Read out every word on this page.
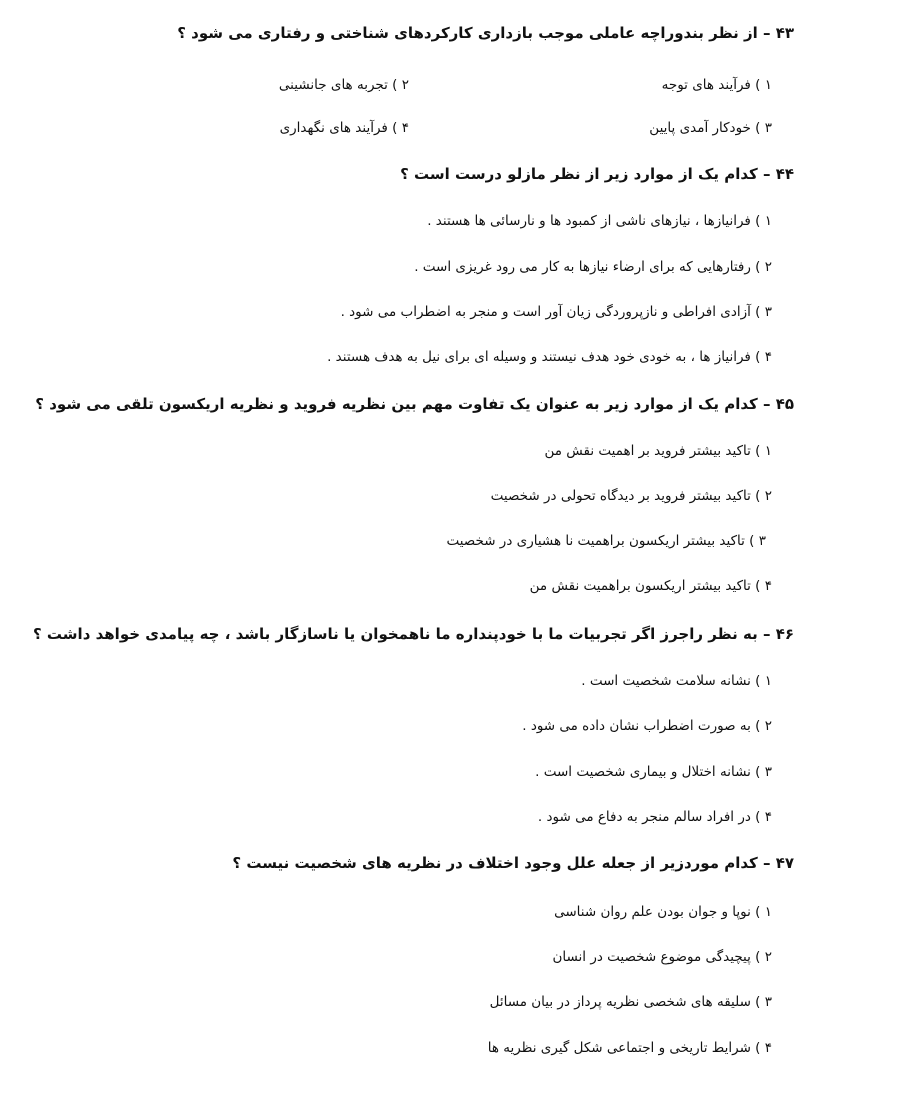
۴۳ – از نظر بندوراچه عاملی موجب بازداری کارکردهای شناختی و رفتاری می شود ؟
۱ ) فرآیند های توجه
۲ ) تجربه های جانشینی
۳ ) خودکار آمدی پایین
۴ ) فرآیند های نگهداری
۴۴ – کدام یک از موارد زیر از نظر مازلو درست است ؟
۱ ) فرانیازها ، نیازهای ناشی از کمبود ها و نارسائی ها هستند .
۲ ) رفتارهایی که برای ارضاء نیازها به کار می رود غریزی است .
۳ ) آزادی افراطی و نازپروردگی زیان آور است و منجر به اضطراب می شود .
۴ ) فرانیاز ها ، به خودی خود هدف نیستند و وسیله ای برای نیل به هدف هستند .
۴۵ – کدام یک از موارد زیر به عنوان یک تفاوت مهم بین نظریه فروید و نظریه اریکسون تلقی می شود ؟
۱ ) تاکید بیشتر فروید بر اهمیت نقش من
۲ ) تاکید بیشتر فروید بر دیدگاه تحولی در شخصیت
۳ ) تاکید بیشتر اریکسون براهمیت نا هشیاری در شخصیت
۴ ) تاکید بیشتر اریکسون براهمیت نقش من
۴۶ – به نظر راجرز اگر تجربیات ما با خودپنداره ما ناهمخوان یا ناسازگار باشد ، چه پیامدی خواهد داشت ؟
۱ ) نشانه سلامت شخصیت است .
۲ ) به صورت اضطراب نشان داده می شود .
۳ ) نشانه اختلال و بیماری شخصیت است .
۴ ) در افراد سالم منجر به دفاع می شود .
۴۷ – کدام موردزیر از جعله علل وجود اختلاف در نظریه های شخصیت نیست ؟
۱ ) نوپا و جوان بودن علم روان شناسی
۲ ) پیچیدگی موضوع شخصیت در انسان
۳ ) سلیقه های شخصی نظریه پرداز در بیان مسائل
۴ ) شرایط تاریخی و اجتماعی شکل گیری نظریه ها
